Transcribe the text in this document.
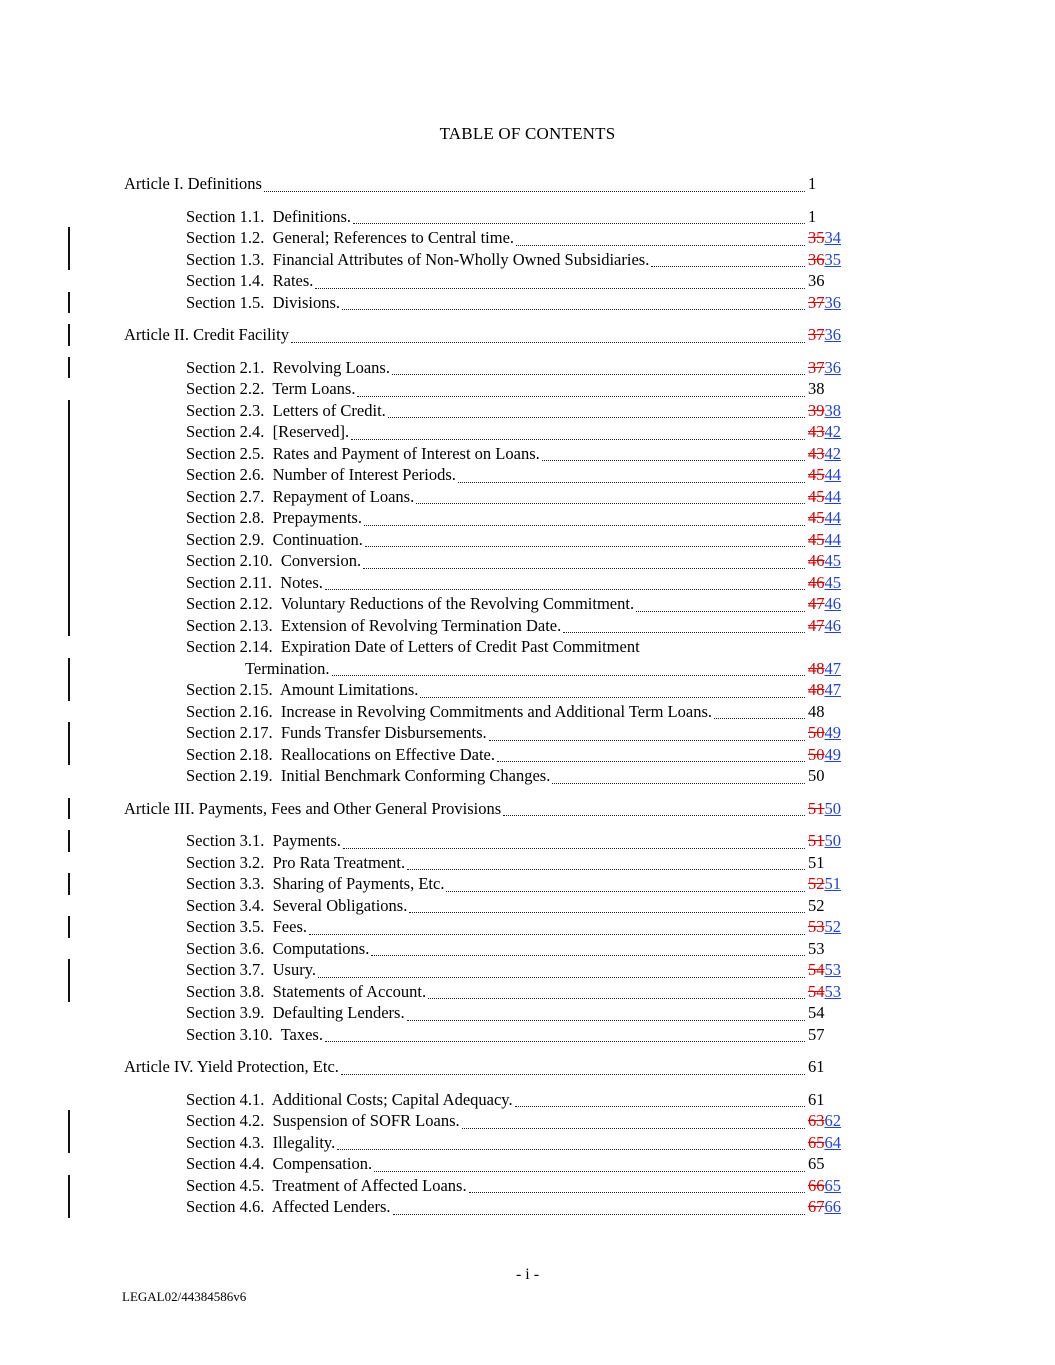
TABLE OF CONTENTS
Article I. Definitions	1
Section 1.1.  Definitions.	1
Section 1.2.  General; References to Central time.	3534
Section 1.3.  Financial Attributes of Non-Wholly Owned Subsidiaries.	3635
Section 1.4.  Rates.	36
Section 1.5.  Divisions.	3736
Article II. Credit Facility	3736
Section 2.1.  Revolving Loans.	3736
Section 2.2.  Term Loans.	38
Section 2.3.  Letters of Credit.	3938
Section 2.4.  [Reserved].	4342
Section 2.5.  Rates and Payment of Interest on Loans.	4342
Section 2.6.  Number of Interest Periods.	4544
Section 2.7.  Repayment of Loans.	4544
Section 2.8.  Prepayments.	4544
Section 2.9.  Continuation.	4544
Section 2.10.  Conversion.	4645
Section 2.11.  Notes.	4645
Section 2.12.  Voluntary Reductions of the Revolving Commitment.	4746
Section 2.13.  Extension of Revolving Termination Date.	4746
Section 2.14.  Expiration Date of Letters of Credit Past Commitment
Termination.	4847
Section 2.15.  Amount Limitations.	4847
Section 2.16.  Increase in Revolving Commitments and Additional Term Loans.	48
Section 2.17.  Funds Transfer Disbursements.	5049
Section 2.18.  Reallocations on Effective Date.	5049
Section 2.19.  Initial Benchmark Conforming Changes.	50
Article III. Payments, Fees and Other General Provisions	5150
Section 3.1.  Payments.	5150
Section 3.2.  Pro Rata Treatment.	51
Section 3.3.  Sharing of Payments, Etc.	5251
Section 3.4.  Several Obligations.	52
Section 3.5.  Fees.	5352
Section 3.6.  Computations.	53
Section 3.7.  Usury.	5453
Section 3.8.  Statements of Account.	5453
Section 3.9.  Defaulting Lenders.	54
Section 3.10.  Taxes.	57
Article IV. Yield Protection, Etc.	61
Section 4.1.  Additional Costs; Capital Adequacy.	61
Section 4.2.  Suspension of SOFR Loans.	6362
Section 4.3.  Illegality.	6564
Section 4.4.  Compensation.	65
Section 4.5.  Treatment of Affected Loans.	6665
Section 4.6.  Affected Lenders.	6766
- i -
LEGAL02/44384586v6
